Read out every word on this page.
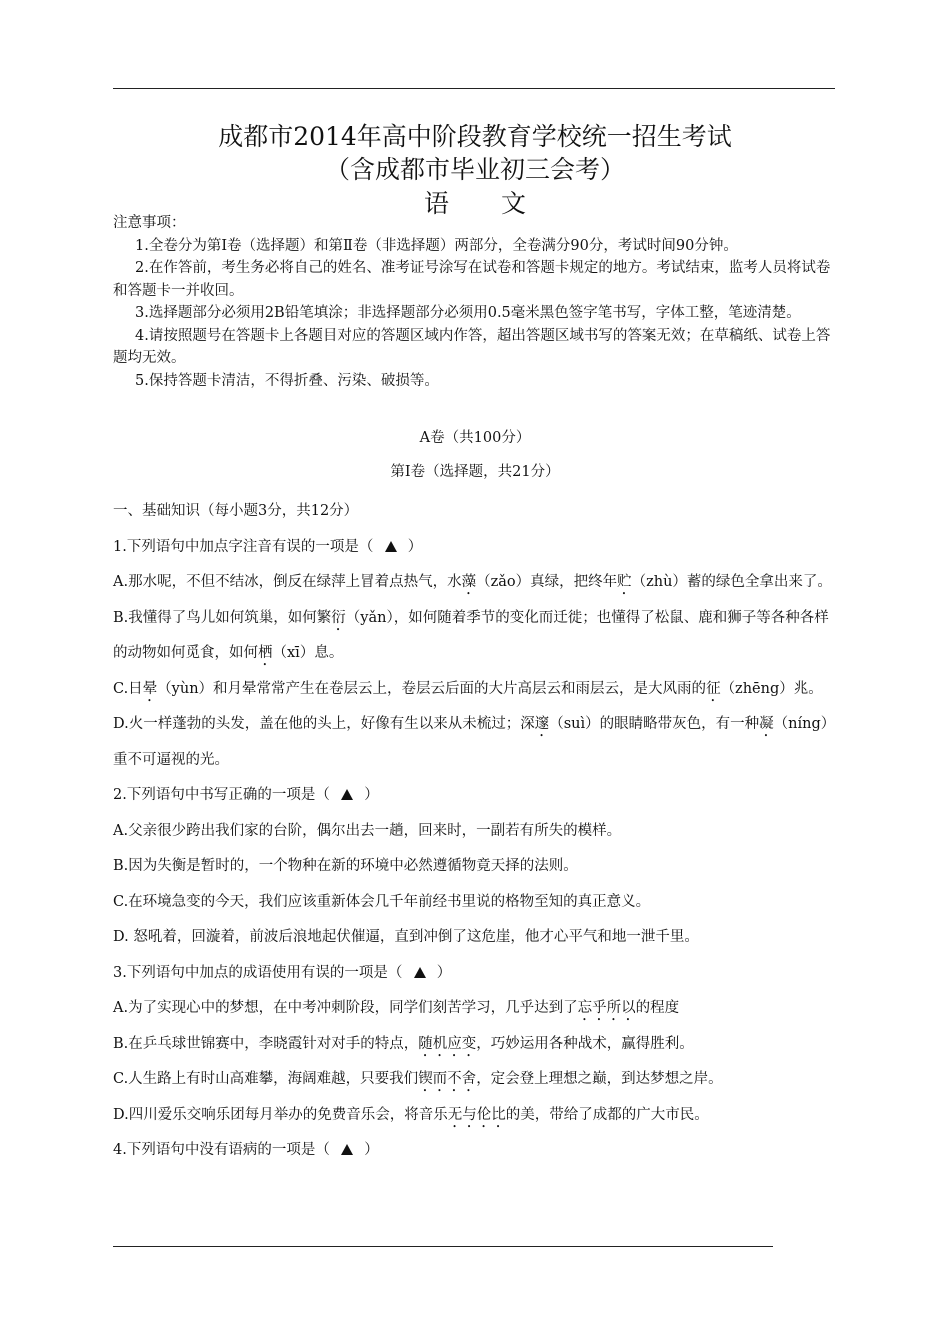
成都市2014年高中阶段教育学校统一招生考试
（含成都市毕业初三会考）
语文

注意事项：

1.全卷分为第Ⅰ卷（选择题）和第Ⅱ卷（非选择题）两部分，全卷满分90分，考试时间90分钟。

2.在作答前，考生务必将自己的姓名、准考证号涂写在试卷和答题卡规定的地方。考试结束，监考人员将试卷和答题卡一并收回。

3.选择题部分必须用2B铅笔填涂；非选择题部分必须用0.5毫米黑色签字笔书写，字体工整，笔迹清楚。

4.请按照题号在答题卡上各题目对应的答题区域内作答，超出答题区域书写的答案无效；在草稿纸、试卷上答题均无效。

5.保持答题卡清洁，不得折叠、污染、破损等。

A卷（共100分）
第Ⅰ卷（选择题，共21分）

一、基础知识（每小题3分，共12分）

1.下列语句中加点字注音有误的一项是（ ）

A.那水呢，不但不结冰，倒反在绿萍上冒着点热气，水藻（zǎo）真绿，把终年贮（zhù）蓄的绿色全拿出来了。

B.我懂得了鸟儿如何筑巢，如何繁衍（yǎn），如何随着季节的变化而迁徙；也懂得了松鼠、鹿和狮子等各种各样的动物如何觅食，如何栖（xī）息。

C.日晕（yùn）和月晕常常产生在卷层云上，卷层云后面的大片高层云和雨层云，是大风雨的征（zhēng）兆。

D.火一样蓬勃的头发，盖在他的头上，好像有生以来从未梳过；深邃（suì）的眼睛略带灰色，有一种凝（níng）重不可逼视的光。

2.下列语句中书写正确的一项是（ ）

A.父亲很少跨出我们家的台阶，偶尔出去一趟，回来时，一副若有所失的模样。

B.因为失衡是暂时的，一个物种在新的环境中必然遵循物竟天择的法则。

C.在环境急变的今天，我们应该重新体会几千年前经书里说的格物至知的真正意义。

D. 怒吼着，回漩着，前波后浪地起伏催逼，直到冲倒了这危崖，他才心平气和地一泄千里。

3.下列语句中加点的成语使用有误的一项是（ ）

A.为了实现心中的梦想，在中考冲刺阶段，同学们刻苦学习，几乎达到了忘乎所以的程度

B.在乒乓球世锦赛中，李晓霞针对对手的特点，随机应变，巧妙运用各种战术，赢得胜利。

C.人生路上有时山高难攀，海阔难越，只要我们锲而不舍，定会登上理想之巅，到达梦想之岸。

D.四川爱乐交响乐团每月举办的免费音乐会，将音乐无与伦比的美，带给了成都的广大市民。

4.下列语句中没有语病的一项是（ ）
